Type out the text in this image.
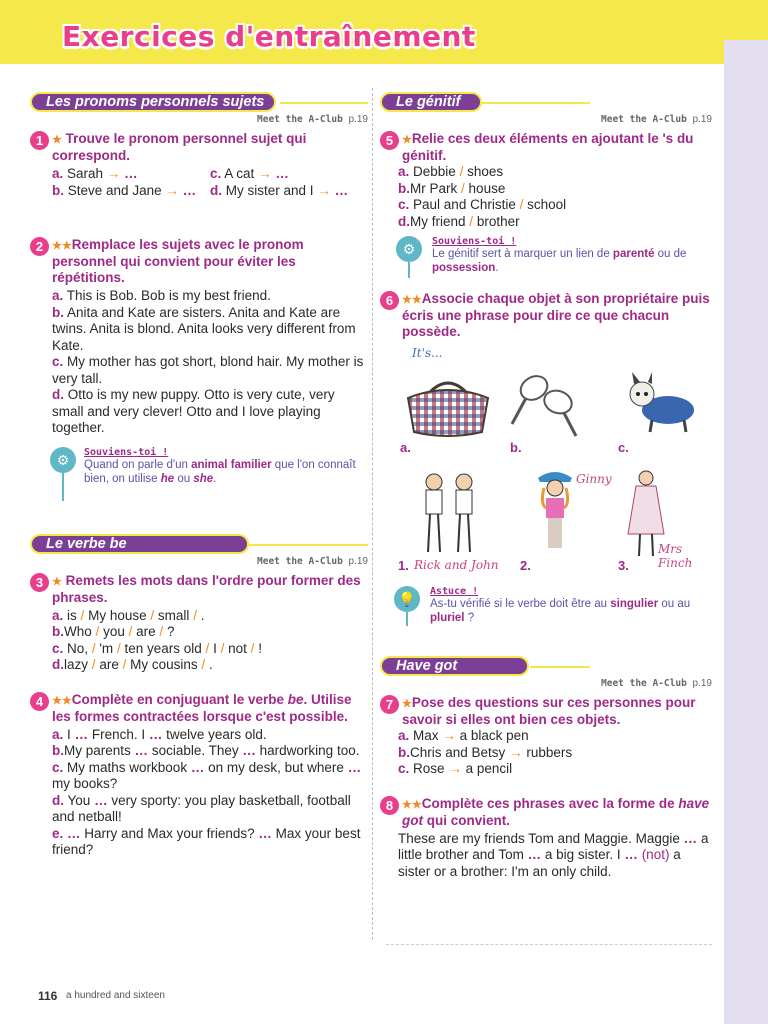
Exercices d'entraînement
Les pronoms personnels sujets
Meet the A-Club p.19
1 ★ Trouve le pronom personnel sujet qui correspond.
a. Sarah → …	c. A cat → …
b. Steve and Jane → …	d. My sister and I → …
2 ★★Remplace les sujets avec le pronom personnel qui convient pour éviter les répétitions.
a. This is Bob. Bob is my best friend.
b. Anita and Kate are sisters. Anita and Kate are twins. Anita is blond. Anita looks very different from Kate.
c. My mother has got short, blond hair. My mother is very tall.
d. Otto is my new puppy. Otto is very cute, very small and very clever! Otto and I love playing together.
⚙	Souviens-toi !
Quand on parle d'un animal familier que l'on connaît bien, on utilise he ou she.
Le verbe be
Meet the A-Club p.19
3 ★ Remets les mots dans l'ordre pour former des phrases.
a. is / My house / small / .
b.Who / you / are / ?
c. No, / 'm / ten years old / I / not / !
d.lazy / are / My cousins / .
4 ★★Complète en conjuguant le verbe be. Utilise les formes contractées lorsque c'est possible.
a. I … French. I … twelve years old.
b.My parents … sociable. They … hardworking too.
c. My maths workbook … on my desk, but where … my books?
d. You … very sporty: you play basketball, football and netball!
e. … Harry and Max your friends? … Max your best friend?
Le génitif
Meet the A-Club p.19
5 ★Relie ces deux éléments en ajoutant le 's du génitif.
a. Debbie / shoes
b.Mr Park / house
c. Paul and Christie / school
d.My friend / brother
⚙	Souviens-toi !
Le génitif sert à marquer un lien de parenté ou de possession.
6 ★★Associe chaque objet à son propriétaire puis écris une phrase pour dire ce que chacun possède.
It's...
a.	b.	c.
1. Rick and John
Ginny
2.
Mrs Finch
3.
💡	Astuce !
As-tu vérifié si le verbe doit être au singulier ou au pluriel ?
Have got
Meet the A-Club p.19
7 ★Pose des questions sur ces personnes pour savoir si elles ont bien ces objets.
a. Max → a black pen
b.Chris and Betsy → rubbers
c. Rose → a pencil
8 ★★Complète ces phrases avec la forme de have got qui convient.
These are my friends Tom and Maggie. Maggie … a little brother and Tom … a big sister. I … (not) a sister or a brother: I'm an only child.
116 a hundred and sixteen
